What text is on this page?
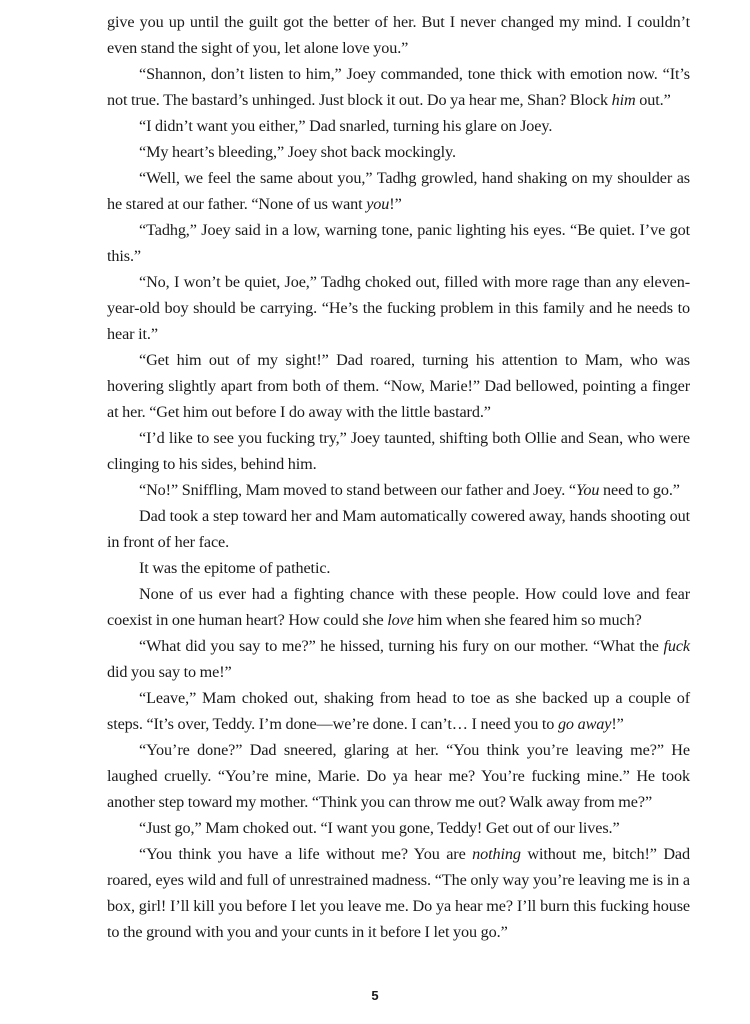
give you up until the guilt got the better of her. But I never changed my mind. I couldn’t even stand the sight of you, let alone love you.”

“Shannon, don’t listen to him,” Joey commanded, tone thick with emotion now. “It’s not true. The bastard’s unhinged. Just block it out. Do ya hear me, Shan? Block him out.”

“I didn’t want you either,” Dad snarled, turning his glare on Joey.

“My heart’s bleeding,” Joey shot back mockingly.

“Well, we feel the same about you,” Tadhg growled, hand shaking on my shoulder as he stared at our father. “None of us want you!”

“Tadhg,” Joey said in a low, warning tone, panic lighting his eyes. “Be quiet. I’ve got this.”

“No, I won’t be quiet, Joe,” Tadhg choked out, filled with more rage than any eleven-year-old boy should be carrying. “He’s the fucking problem in this family and he needs to hear it.”

“Get him out of my sight!” Dad roared, turning his attention to Mam, who was hovering slightly apart from both of them. “Now, Marie!” Dad bellowed, pointing a finger at her. “Get him out before I do away with the little bastard.”

“I’d like to see you fucking try,” Joey taunted, shifting both Ollie and Sean, who were clinging to his sides, behind him.

“No!” Sniffling, Mam moved to stand between our father and Joey. “You need to go.”

Dad took a step toward her and Mam automatically cowered away, hands shooting out in front of her face.

It was the epitome of pathetic.

None of us ever had a fighting chance with these people. How could love and fear coexist in one human heart? How could she love him when she feared him so much?

“What did you say to me?” he hissed, turning his fury on our mother. “What the fuck did you say to me!”

“Leave,” Mam choked out, shaking from head to toe as she backed up a couple of steps. “It’s over, Teddy. I’m done—we’re done. I can’t… I need you to go away!”

“You’re done?” Dad sneered, glaring at her. “You think you’re leaving me?” He laughed cruelly. “You’re mine, Marie. Do ya hear me? You’re fucking mine.” He took another step toward my mother. “Think you can throw me out? Walk away from me?”

“Just go,” Mam choked out. “I want you gone, Teddy! Get out of our lives.”

“You think you have a life without me? You are nothing without me, bitch!” Dad roared, eyes wild and full of unrestrained madness. “The only way you’re leaving me is in a box, girl! I’ll kill you before I let you leave me. Do ya hear me? I’ll burn this fucking house to the ground with you and your cunts in it before I let you go.”

5
